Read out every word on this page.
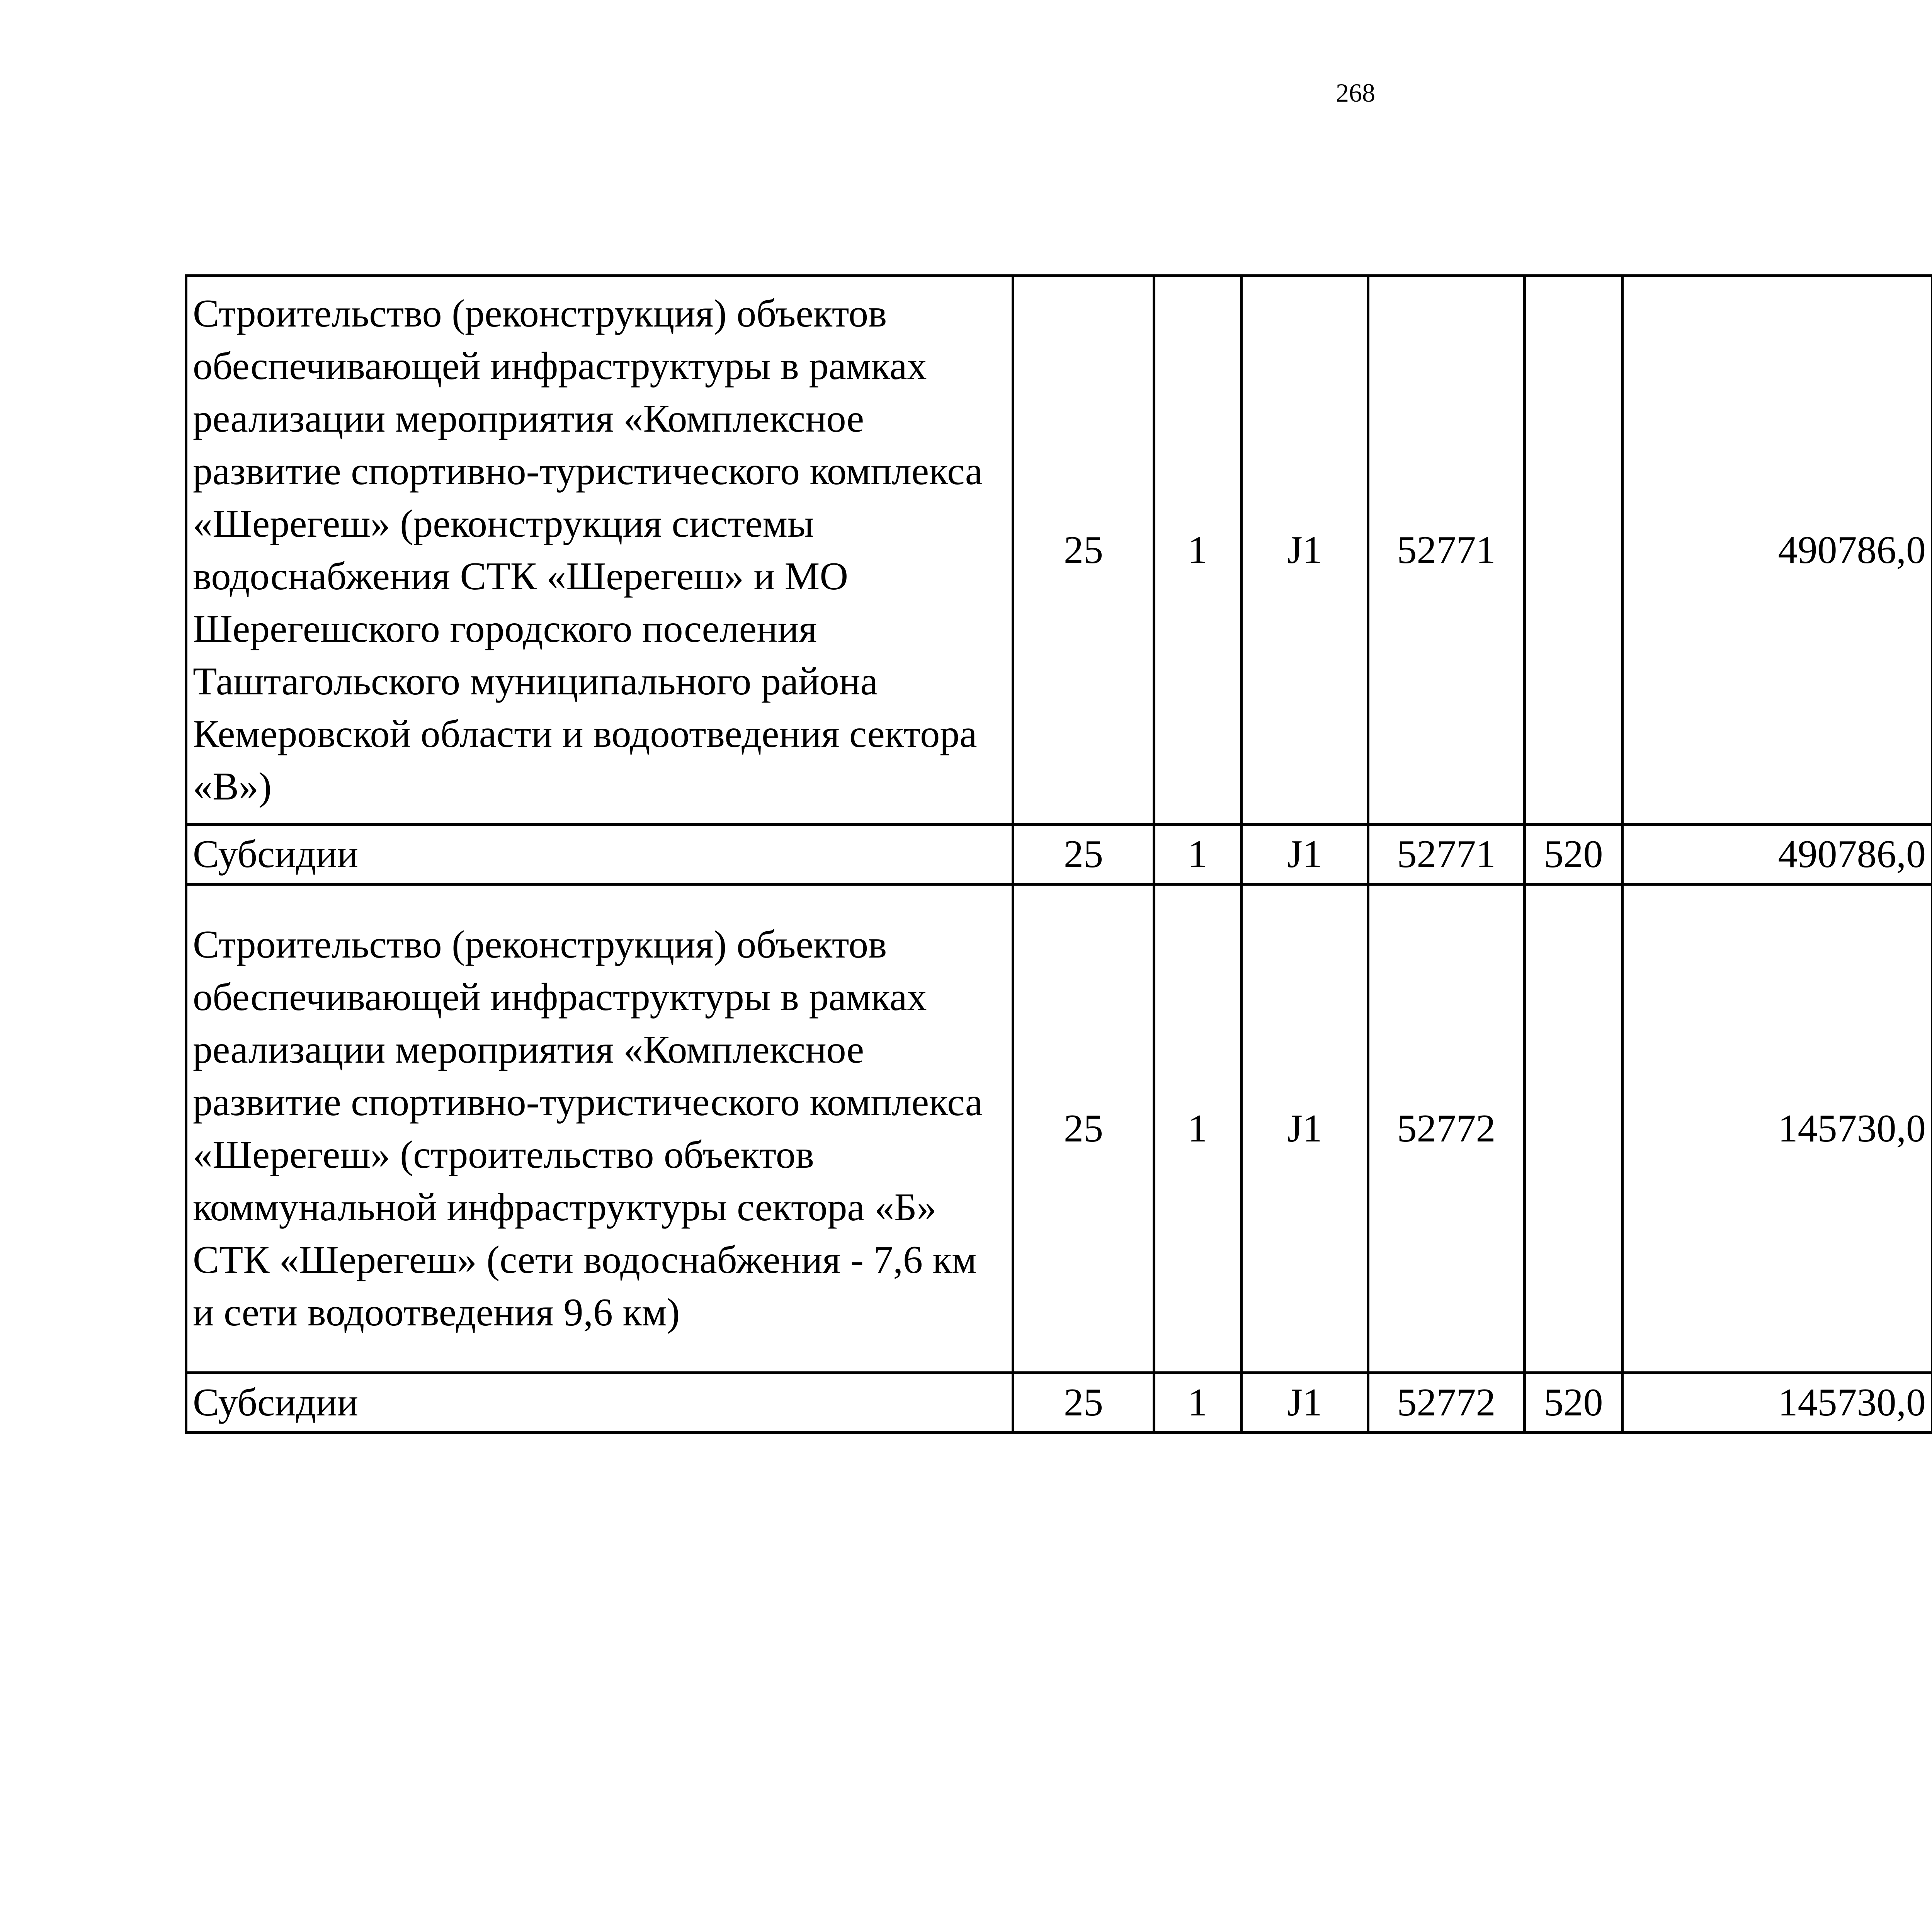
268
Строительство (реконструкция) объектов обеспечивающей инфраструктуры в рамках реализации мероприятия «Комплексное развитие спортивно-туристического комплекса «Шерегеш» (реконструкция системы водоснабжения СТК «Шерегеш» и МО Шерегешского городского поселения Таштагольского муниципального района Кемеровской области и водоотведения сектора «В»)	25	1	J1	52771		490786,0		
Субсидии	25	1	J1	52771	520	490786,0		
Строительство (реконструкция) объектов обеспечивающей инфраструктуры в рамках реализации мероприятия «Комплексное развитие спортивно-туристического комплекса «Шерегеш» (строительство объектов коммунальной инфраструктуры сектора «Б» СТК «Шерегеш» (сети водоснабжения - 7,6 км и сети водоотведения 9,6 км)	25	1	J1	52772		145730,0		
Субсидии	25	1	J1	52772	520	145730,0		
